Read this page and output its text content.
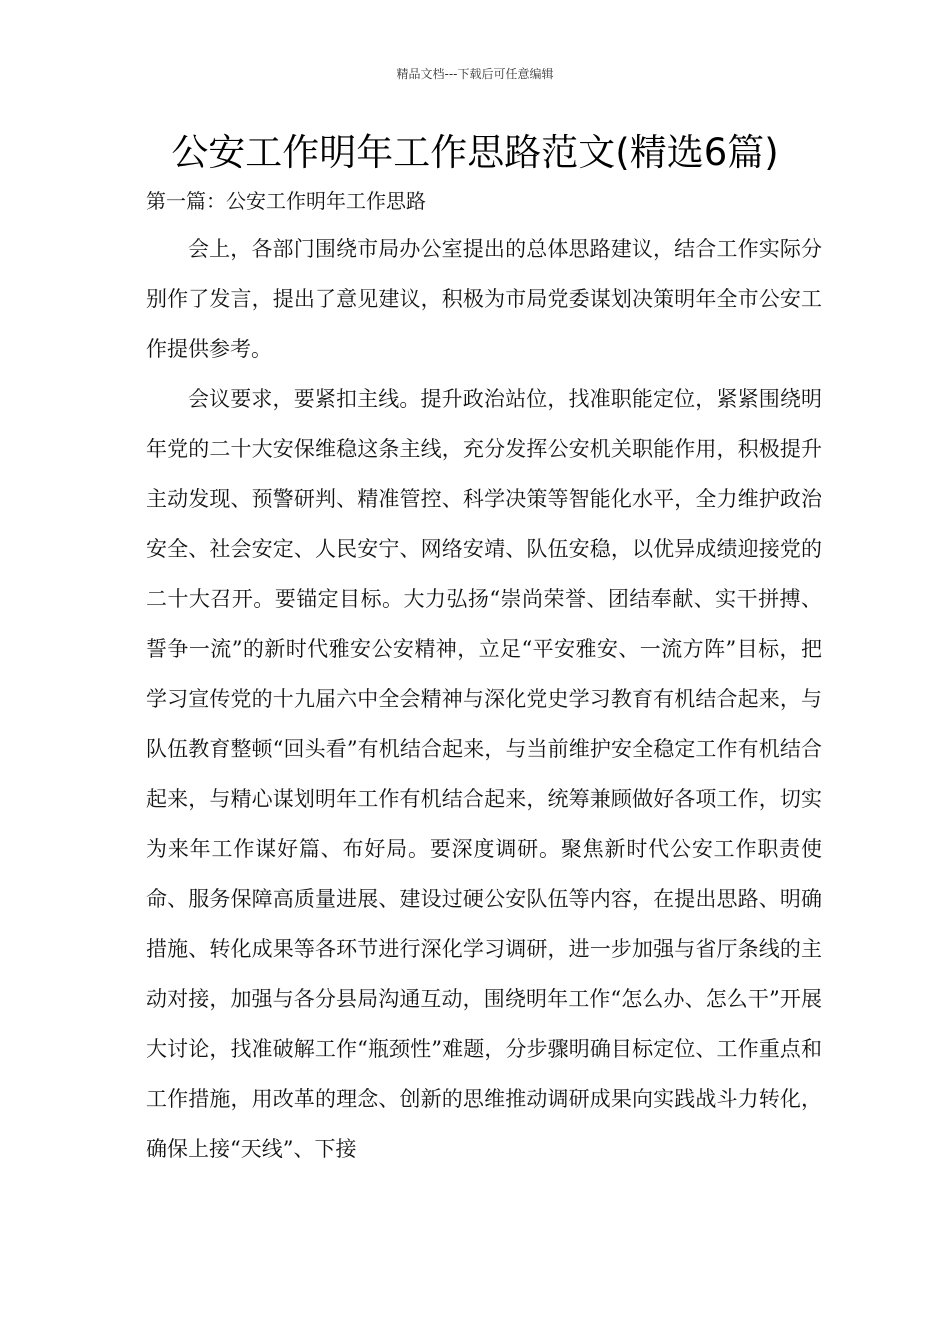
精品文档---下载后可任意编辑
公安工作明年工作思路范文(精选6篇)
第一篇：公安工作明年工作思路

会上，各部门围绕市局办公室提出的总体思路建议，结合工作实际分别作了发言，提出了意见建议，积极为市局党委谋划决策明年全市公安工作提供参考。

会议要求，要紧扣主线。提升政治站位，找准职能定位，紧紧围绕明年党的二十大安保维稳这条主线，充分发挥公安机关职能作用，积极提升主动发现、预警研判、精准管控、科学决策等智能化水平，全力维护政治安全、社会安定、人民安宁、网络安靖、队伍安稳，以优异成绩迎接党的二十大召开。要锚定目标。大力弘扬“崇尚荣誉、团结奉献、实干拼搏、誓争一流”的新时代雅安公安精神，立足“平安雅安、一流方阵”目标，把学习宣传党的十九届六中全会精神与深化党史学习教育有机结合起来，与队伍教育整顿“回头看”有机结合起来，与当前维护安全稳定工作有机结合起来，与精心谋划明年工作有机结合起来，统筹兼顾做好各项工作，切实为来年工作谋好篇、布好局。要深度调研。聚焦新时代公安工作职责使命、服务保障高质量进展、建设过硬公安队伍等内容，在提出思路、明确措施、转化成果等各环节进行深化学习调研，进一步加强与省厅条线的主动对接，加强与各分县局沟通互动，围绕明年工作“怎么办、怎么干”开展大讨论，找准破解工作“瓶颈性”难题，分步骤明确目标定位、工作重点和工作措施，用改革的理念、创新的思维推动调研成果向实践战斗力转化，确保上接“天线”、下接
